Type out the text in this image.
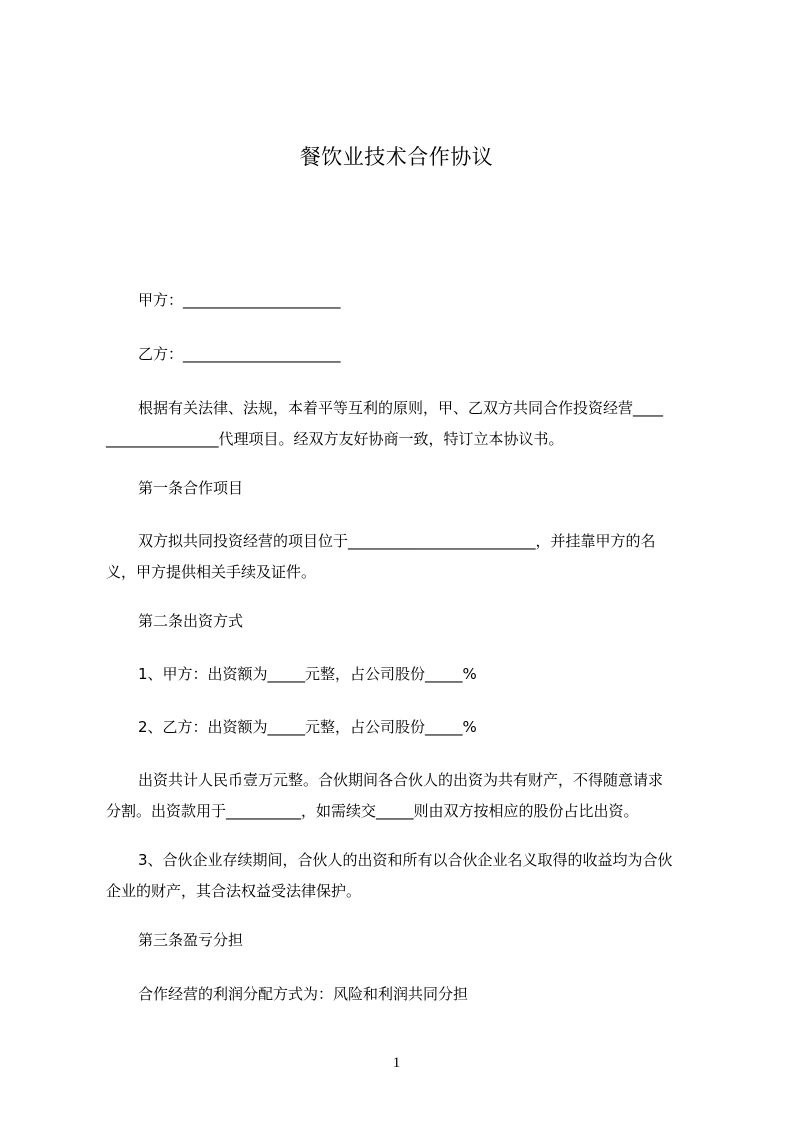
餐饮业技术合作协议
甲方：_____________________
乙方：_____________________
根据有关法律、法规，本着平等互利的原则，甲、乙双方共同合作投资经营____
_______________代理项目。经双方友好协商一致，特订立本协议书。
第一条合作项目
双方拟共同投资经营的项目位于_________________________，并挂靠甲方的名
义，甲方提供相关手续及证件。
第二条出资方式
1、甲方：出资额为_____元整，占公司股份_____%
2、乙方：出资额为_____元整，占公司股份_____%
出资共计人民币壹万元整。合伙期间各合伙人的出资为共有财产，不得随意请求
分割。出资款用于__________，如需续交_____则由双方按相应的股份占比出资。
3、合伙企业存续期间，合伙人的出资和所有以合伙企业名义取得的收益均为合伙
企业的财产，其合法权益受法律保护。
第三条盈亏分担
合作经营的利润分配方式为：风险和利润共同分担
1
